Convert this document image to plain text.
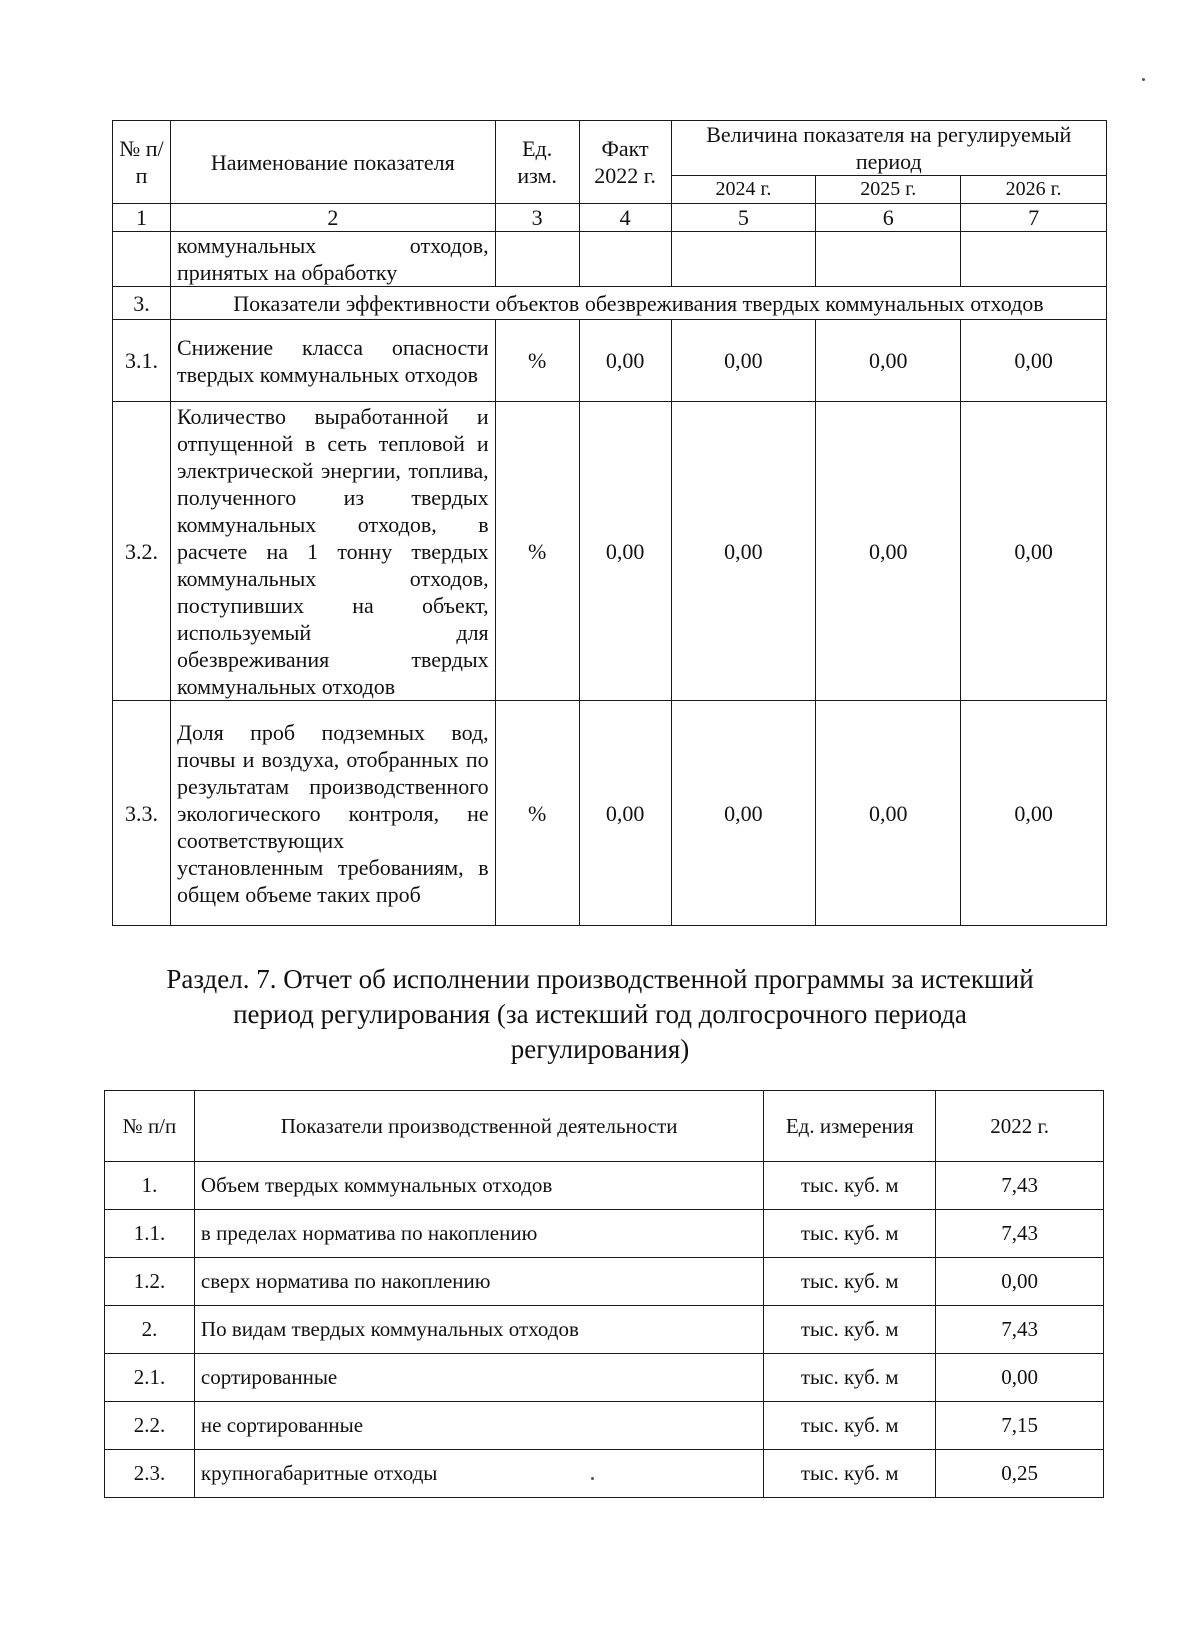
№ п/п	Наименование показателя	Ед. изм.	Факт 2022 г.	Величина показателя на регулируемый период		
				2024 г.	2025 г.	2026 г.
1	2	3	4	5	6	7
	коммунальных отходов, принятых на обработку					
3.	Показатели эффективности объектов обезвреживания твердых коммунальных отходов					
3.1.	Снижение класса опасности твердых коммунальных отходов	%	0,00	0,00	0,00	0,00
3.2.	Количество выработанной и отпущенной в сеть тепловой и электрической энергии, топлива, полученного из твердых коммунальных отходов, в расчете на 1 тонну твердых коммунальных отходов, поступивших на объект, используемый для обезвреживания твердых коммунальных отходов	%	0,00	0,00	0,00	0,00
3.3.	Доля проб подземных вод, почвы и воздуха, отобранных по результатам производственного экологического контроля, не соответствующих установленным требованиям, в общем объеме таких проб	%	0,00	0,00	0,00	0,00
Раздел. 7. Отчет об исполнении производственной программы за истекший
период регулирования (за истекший год долгосрочного периода
регулирования)
№ п/п	Показатели производственной деятельности	Ед. измерения	2022 г.
1.	Объем твердых коммунальных отходов	тыс. куб. м	7,43
1.1.	в пределах норматива по накоплению	тыс. куб. м	7,43
1.2.	сверх норматива по накоплению	тыс. куб. м	0,00
2.	По видам твердых коммунальных отходов	тыс. куб. м	7,43
2.1.	сортированные	тыс. куб. м	0,00
2.2.	не сортированные	тыс. куб. м	7,15
2.3.	крупногабаритные отходы	тыс. куб. м	0,25
